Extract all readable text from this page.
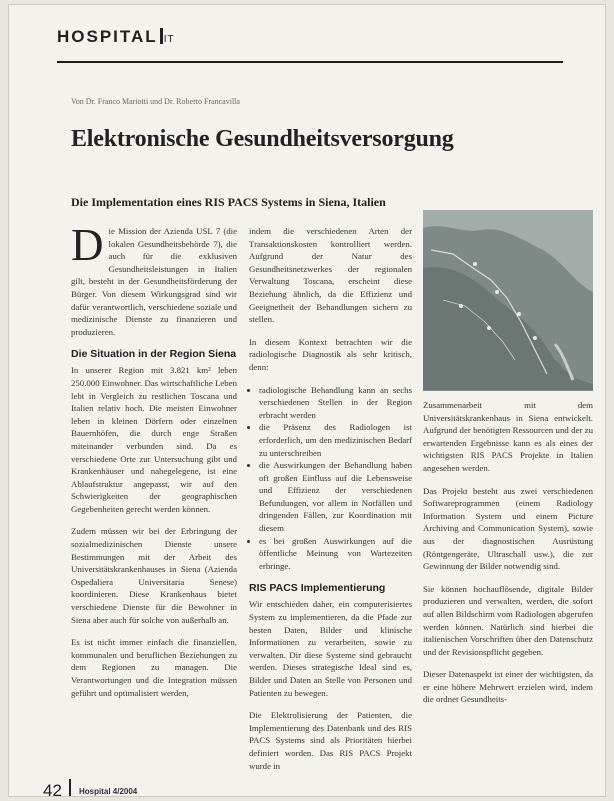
HOSPITAL IT
Von Dr. Franco Mariotti und Dr. Roberto Francavilla
Elektronische Gesundheitsversorgung
Die Implementation eines RIS PACS Systems in Siena, Italien

Die Mission der Azienda USL 7 (die lokalen Gesundheitsbehörde 7), die auch für die exklusiven Gesundheitsleistungen in Italien gilt, besteht in der Gesundheitsförderung der Bürger. Von diesem Wirkungsgrad sind wir dafür verantwortlich, verschiedene soziale und medizinische Dienste zu finanzieren und produzieren.

Die Situation in der Region Siena

In unserer Region mit 3.821 km² leben 250.000 Einwohner. Das wirtschaftliche Leben lebt in Vergleich zu restlichen Toscana und Italien relativ hoch. Die meisten Einwohner leben in kleinen Dörfern oder einzelnen Bauernhöfen, die durch enge Straßen miteinander verbunden sind. Da es verschiedene Orte zur Untersuchung gibt und Krankenhäuser und nahegelegene, ist eine Ablaufstruktur angepasst, wir auf den Schwierigkeiten der geographischen Gegebenheiten gerecht werden können.

Zudem müssen wir bei der Erbringung der sozialmedizinischen Dienste unsere Bestimmungen mit der Arbeit des Universitätskrankenhauses in Siena (Azienda Ospedaliera Universitaria Senese) koordinieren. Diese Krankenhaus bietet verschiedene Dienste für die Bewohner in Siena aber auch für solche von außerhalb an.

Es ist nicht immer einfach die finanziellen, kommunalen und beruflichen Beziehungen zu dem Regionen zu managen. Die Verantwortungen und die Integration müssen geführt und optimalisiert werden,

indem die verschiedenen Arten der Transaktionskosten kontrolliert werden. Aufgrund der Natur des Gesundheitsnetzwerkes der regionalen Verwaltung Toscana, erscheint diese Beziehung ähnlich, da die Effizienz und Geeignetheit der Behandlungen sichern zu stellen.

In diesem Kontext betrachten wir die radiologische Diagnostik als sehr kritisch, denn:

• radiologische Behandlung kann an sechs verschiedenen Stellen in der Region erbracht werden
• die Präsenz des Radiologen ist erforderlich, um den medizinischen Bedarf zu unterschreiben
• die Auswirkungen der Behandlung haben oft großen Einfluss auf die Lebensweise und Effizienz der verschiedenen Befundungen, vor allem in Notfällen und dringenden Fällen, zur Koordination mit diesem
• es bei großen Auswirkungen auf die öffentliche Meinung von Wartezeiten erbringe.
RIS PACS Implementierung

Wir entschieden daher, ein computerisiertes System zu implementieren, da die Pfade zur besten Daten, Bilder und klinische Informationen zu verarbeiten, sowie zu verwalten. Dir diese Systeme sind gebraucht werden. Dieses strategische Ideal sind es, Bilder und Daten an Stelle von Personen und Patienten zu bewegen.

Die Elektrolisierung der Patienten, die Implementierung des Datenbank und des RIS PACS Systems sind als Prioritäten hierbei definiert worden. Das RIS PACS Projekt wurde in

Zusammenarbeit mit dem Universitätskrankenhaus in Siena entwickelt. Aufgrund der benötigten Ressourcen und der zu erwartenden Ergebnisse kann es als eines der wichtigsten RIS PACS Projekte in Italien angesehen werden.

Das Projekt besteht aus zwei verschiedenen Softwareprogrammen (einem Radiology Information System und einem Picture Archiving and Communication System), sowie aus der diagnostischen Ausrüstung (Röntgengeräte, Ultraschall usw.), die zur Gewinnung der Bilder notwendig sind.

Sie können hochauflösende, digitale Bilder produzieren und verwalten, werden, die sofort auf allen Bildschirm vom Radiologen abgerufen werden können. Natürlich sind hierbei die italienischen Vorschriften über den Datenschutz und der Revisionspflicht gegeben.

Dieser Datenaspekt ist einer der wichtigsten, da er eine höhere Mehrwert erzielen wird, indem die ordnet Gesundheits-

42 Hospital 4/2004
